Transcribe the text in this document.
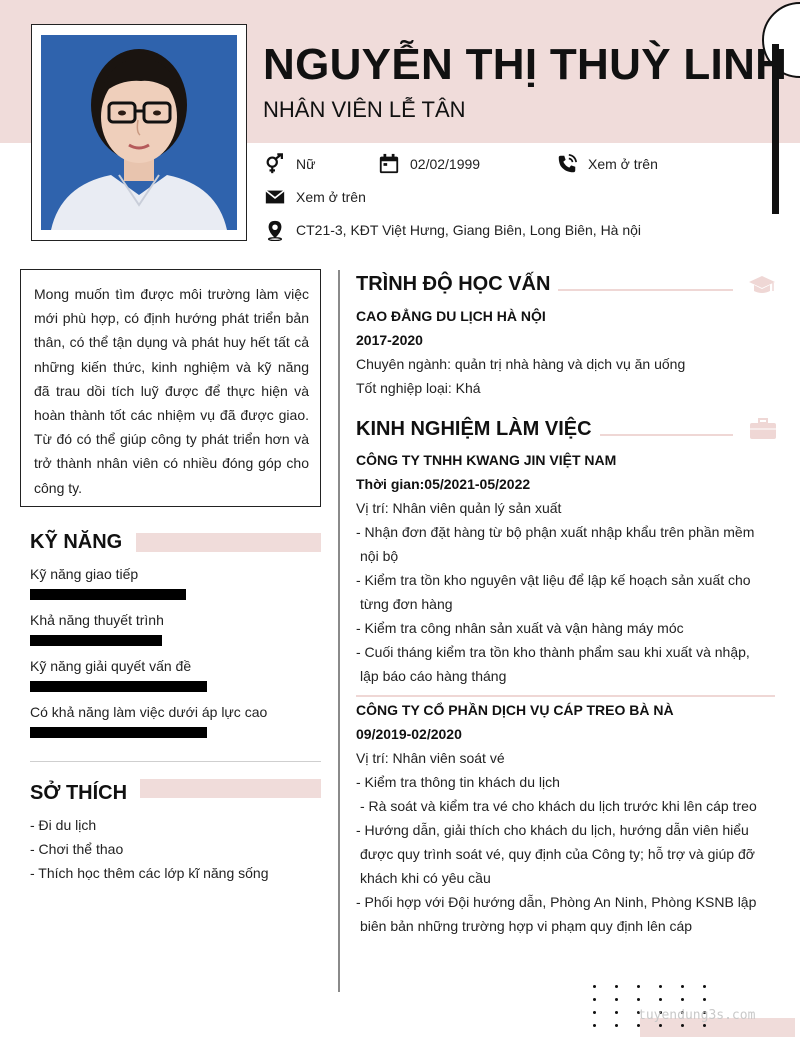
NGUYỄN THỊ THUỲ LINH
NHÂN VIÊN LỄ TÂN
Nữ	02/02/1999	Xem ở trên
Xem ở trên
CT21-3, KĐT Việt Hưng, Giang Biên, Long Biên, Hà nội
Mong muốn tìm được môi trường làm việc mới phù hợp, có định hướng phát triển bản thân, có thể tận dụng và phát huy hết tất cả những kiến thức, kinh nghiệm và kỹ năng đã trau dồi tích luỹ được để thực hiện và hoàn thành tốt các nhiệm vụ đã được giao. Từ đó có thể giúp công ty phát triển hơn và trở thành nhân viên có nhiều đóng góp cho công ty.
KỸ NĂNG
Kỹ năng giao tiếp
Khả năng thuyết trình
Kỹ năng giải quyết vấn đề
Có khả năng làm việc dưới áp lực cao
SỞ THÍCH
- Đi du lịch
- Chơi thể thao
- Thích học thêm các lớp kĩ năng sống
TRÌNH ĐỘ HỌC VẤN
CAO ĐẲNG DU LỊCH HÀ NỘI
2017-2020
Chuyên ngành: quản trị nhà hàng và dịch vụ ăn uống
Tốt nghiệp loại: Khá
KINH NGHIỆM LÀM VIỆC
CÔNG TY TNHH KWANG JIN VIỆT NAM
Thời gian:05/2021-05/2022
Vị trí: Nhân viên quản lý sản xuất
- Nhận đơn đặt hàng từ bộ phận xuất nhập khẩu trên phần mềm
nội bộ
- Kiểm tra tồn kho nguyên vật liệu để lập kế hoạch sản xuất cho
từng đơn hàng
- Kiểm tra công nhân sản xuất và vận hàng máy móc
- Cuối tháng kiểm tra tồn kho thành phẩm sau khi xuất và nhập,
lập báo cáo hàng tháng
CÔNG TY CỔ PHẦN DỊCH VỤ CÁP TREO BÀ NÀ
09/2019-02/2020
Vị trí: Nhân viên soát vé
- Kiểm tra thông tin khách du lịch
- Rà soát và kiểm tra vé cho khách du lịch trước khi lên cáp treo
- Hướng dẫn, giải thích cho khách du lịch, hướng dẫn viên hiểu
được quy trình soát vé, quy định của Công ty; hỗ trợ và giúp đỡ
khách khi có yêu cầu
- Phối hợp với Đội hướng dẫn, Phòng An Ninh, Phòng KSNB lập
biên bản những trường hợp vi phạm quy định lên cáp
tuyendung3s.com
